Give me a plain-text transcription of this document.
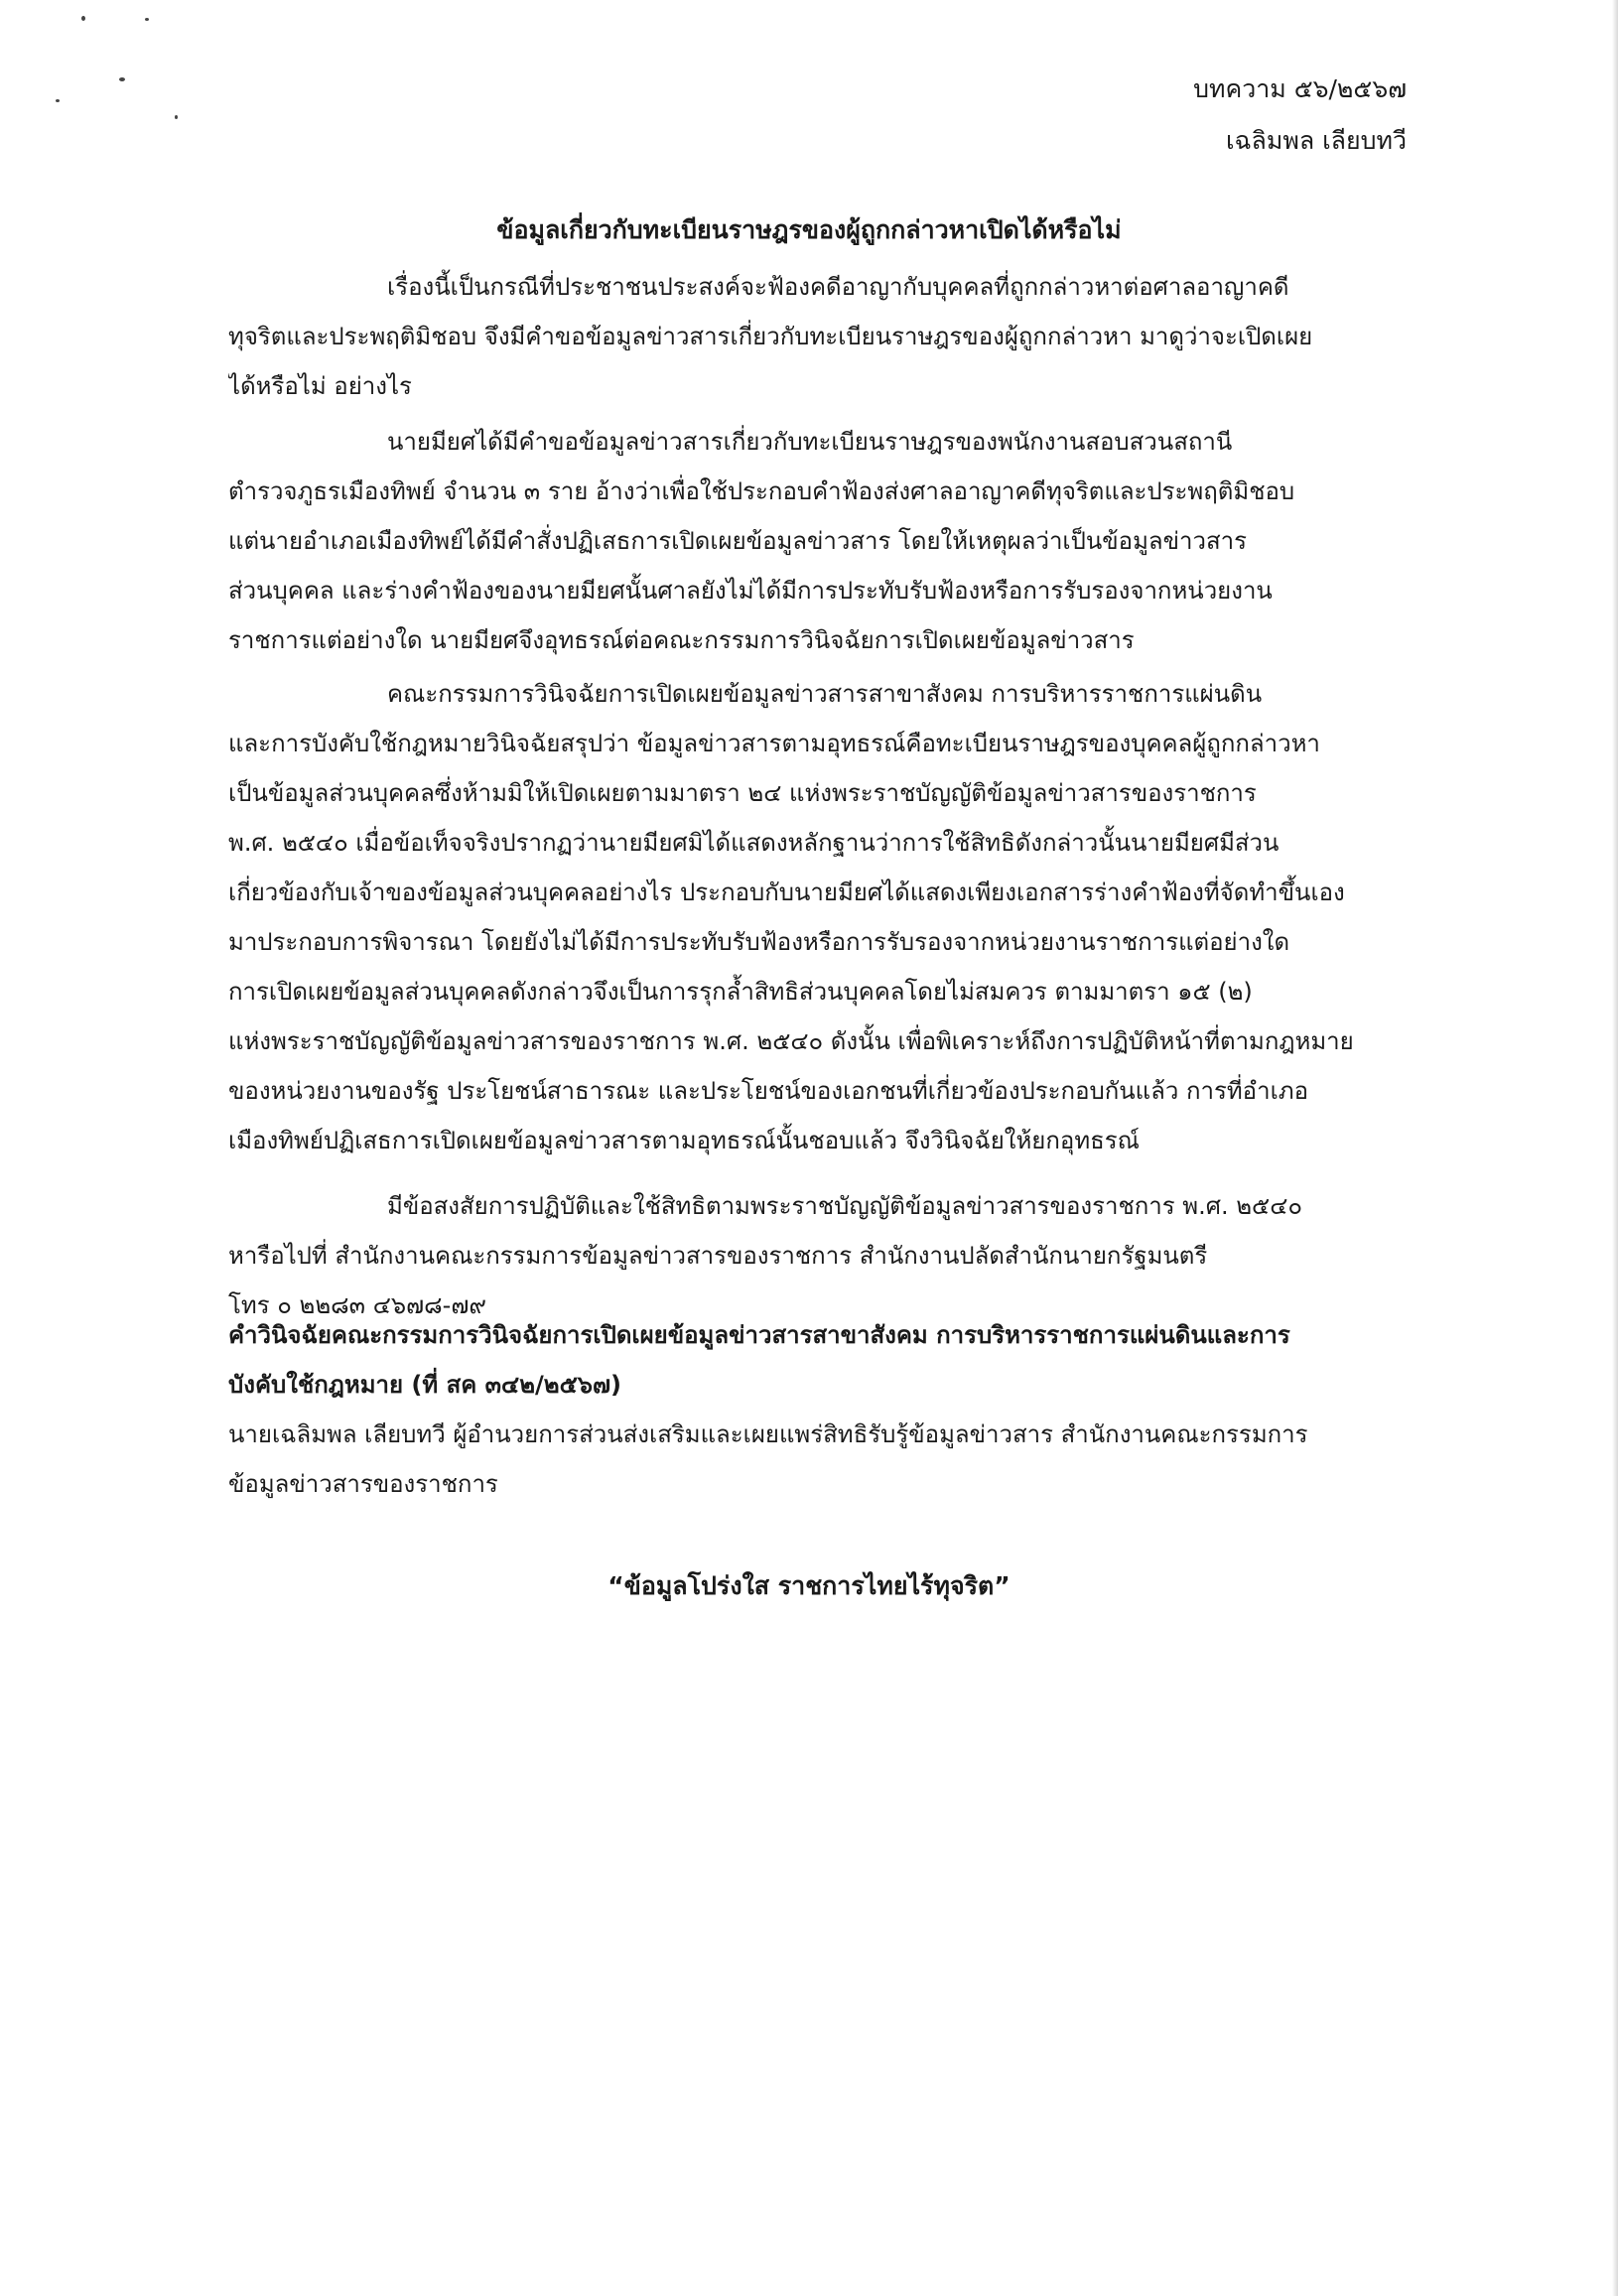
บทความ ๕๖/๒๕๖๗
เฉลิมพล เลียบทวี
ข้อมูลเกี่ยวกับทะเบียนราษฎรของผู้ถูกกล่าวหาเปิดได้หรือไม่
เรื่องนี้เป็นกรณีที่ประชาชนประสงค์จะฟ้องคดีอาญากับบุคคลที่ถูกกล่าวหาต่อศาลอาญาคดี
ทุจริตและประพฤติมิชอบ จึงมีคำขอข้อมูลข่าวสารเกี่ยวกับทะเบียนราษฎรของผู้ถูกกล่าวหา มาดูว่าจะเปิดเผย
ได้หรือไม่ อย่างไร
นายมียศได้มีคำขอข้อมูลข่าวสารเกี่ยวกับทะเบียนราษฎรของพนักงานสอบสวนสถานี
ตำรวจภูธรเมืองทิพย์ จำนวน ๓ ราย อ้างว่าเพื่อใช้ประกอบคำฟ้องส่งศาลอาญาคดีทุจริตและประพฤติมิชอบ
แต่นายอำเภอเมืองทิพย์ได้มีคำสั่งปฏิเสธการเปิดเผยข้อมูลข่าวสาร โดยให้เหตุผลว่าเป็นข้อมูลข่าวสาร
ส่วนบุคคล และร่างคำฟ้องของนายมียศนั้นศาลยังไม่ได้มีการประทับรับฟ้องหรือการรับรองจากหน่วยงาน
ราชการแต่อย่างใด นายมียศจึงอุทธรณ์ต่อคณะกรรมการวินิจฉัยการเปิดเผยข้อมูลข่าวสาร
คณะกรรมการวินิจฉัยการเปิดเผยข้อมูลข่าวสารสาขาสังคม การบริหารราชการแผ่นดิน
และการบังคับใช้กฎหมายวินิจฉัยสรุปว่า ข้อมูลข่าวสารตามอุทธรณ์คือทะเบียนราษฎรของบุคคลผู้ถูกกล่าวหา
เป็นข้อมูลส่วนบุคคลซึ่งห้ามมิให้เปิดเผยตามมาตรา ๒๔ แห่งพระราชบัญญัติข้อมูลข่าวสารของราชการ
พ.ศ. ๒๕๔๐ เมื่อข้อเท็จจริงปรากฏว่านายมียศมิได้แสดงหลักฐานว่าการใช้สิทธิดังกล่าวนั้นนายมียศมีส่วน
เกี่ยวข้องกับเจ้าของข้อมูลส่วนบุคคลอย่างไร ประกอบกับนายมียศได้แสดงเพียงเอกสารร่างคำฟ้องที่จัดทำขึ้นเอง
มาประกอบการพิจารณา โดยยังไม่ได้มีการประทับรับฟ้องหรือการรับรองจากหน่วยงานราชการแต่อย่างใด
การเปิดเผยข้อมูลส่วนบุคคลดังกล่าวจึงเป็นการรุกล้ำสิทธิส่วนบุคคลโดยไม่สมควร ตามมาตรา ๑๕ (๒)
แห่งพระราชบัญญัติข้อมูลข่าวสารของราชการ พ.ศ. ๒๕๔๐ ดังนั้น เพื่อพิเคราะห์ถึงการปฏิบัติหน้าที่ตามกฎหมาย
ของหน่วยงานของรัฐ ประโยชน์สาธารณะ และประโยชน์ของเอกชนที่เกี่ยวข้องประกอบกันแล้ว การที่อำเภอ
เมืองทิพย์ปฏิเสธการเปิดเผยข้อมูลข่าวสารตามอุทธรณ์นั้นชอบแล้ว จึงวินิจฉัยให้ยกอุทธรณ์
มีข้อสงสัยการปฏิบัติและใช้สิทธิตามพระราชบัญญัติข้อมูลข่าวสารของราชการ พ.ศ. ๒๕๔๐
หารือไปที่ สำนักงานคณะกรรมการข้อมูลข่าวสารของราชการ สำนักงานปลัดสำนักนายกรัฐมนตรี
โทร ๐ ๒๒๘๓ ๔๖๗๘-๗๙
คำวินิจฉัยคณะกรรมการวินิจฉัยการเปิดเผยข้อมูลข่าวสารสาขาสังคม การบริหารราชการแผ่นดินและการ
บังคับใช้กฎหมาย (ที่ สค ๓๔๒/๒๕๖๗)
นายเฉลิมพล เลียบทวี ผู้อำนวยการส่วนส่งเสริมและเผยแพร่สิทธิรับรู้ข้อมูลข่าวสาร สำนักงานคณะกรรมการ
ข้อมูลข่าวสารของราชการ
“ข้อมูลโปร่งใส ราชการไทยไร้ทุจริต”
